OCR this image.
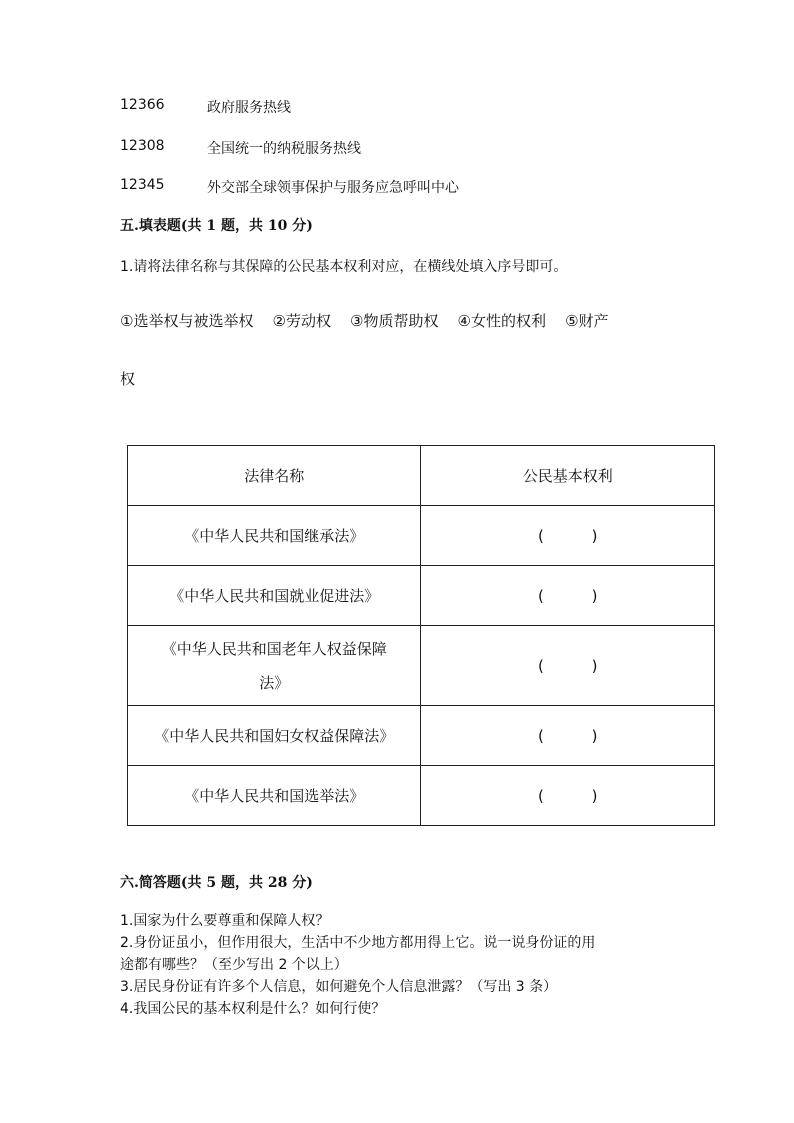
12366	政府服务热线
12308	全国统一的纳税服务热线
12345	外交部全球领事保护与服务应急呼叫中心
五.填表题(共 1 题，共 10 分)
1.请将法律名称与其保障的公民基本权利对应，在横线处填入序号即可。
①选举权与被选举权    ②劳动权    ③物质帮助权    ④女性的权利    ⑤财产
权
法律名称	公民基本权利
《中华人民共和国继承法》	(          )
《中华人民共和国就业促进法》	(          )

《中华人民共和国老年人权益保障
法》	(          )
《中华人民共和国妇女权益保障法》	(          )
《中华人民共和国选举法》	(          )
六.简答题(共 5 题，共 28 分)
1.国家为什么要尊重和保障人权？
2.身份证虽小，但作用很大，生活中不少地方都用得上它。说一说身份证的用
途都有哪些？（至少写出 2 个以上）
3.居民身份证有许多个人信息，如何避免个人信息泄露？（写出 3 条）
4.我国公民的基本权利是什么？如何行使？
